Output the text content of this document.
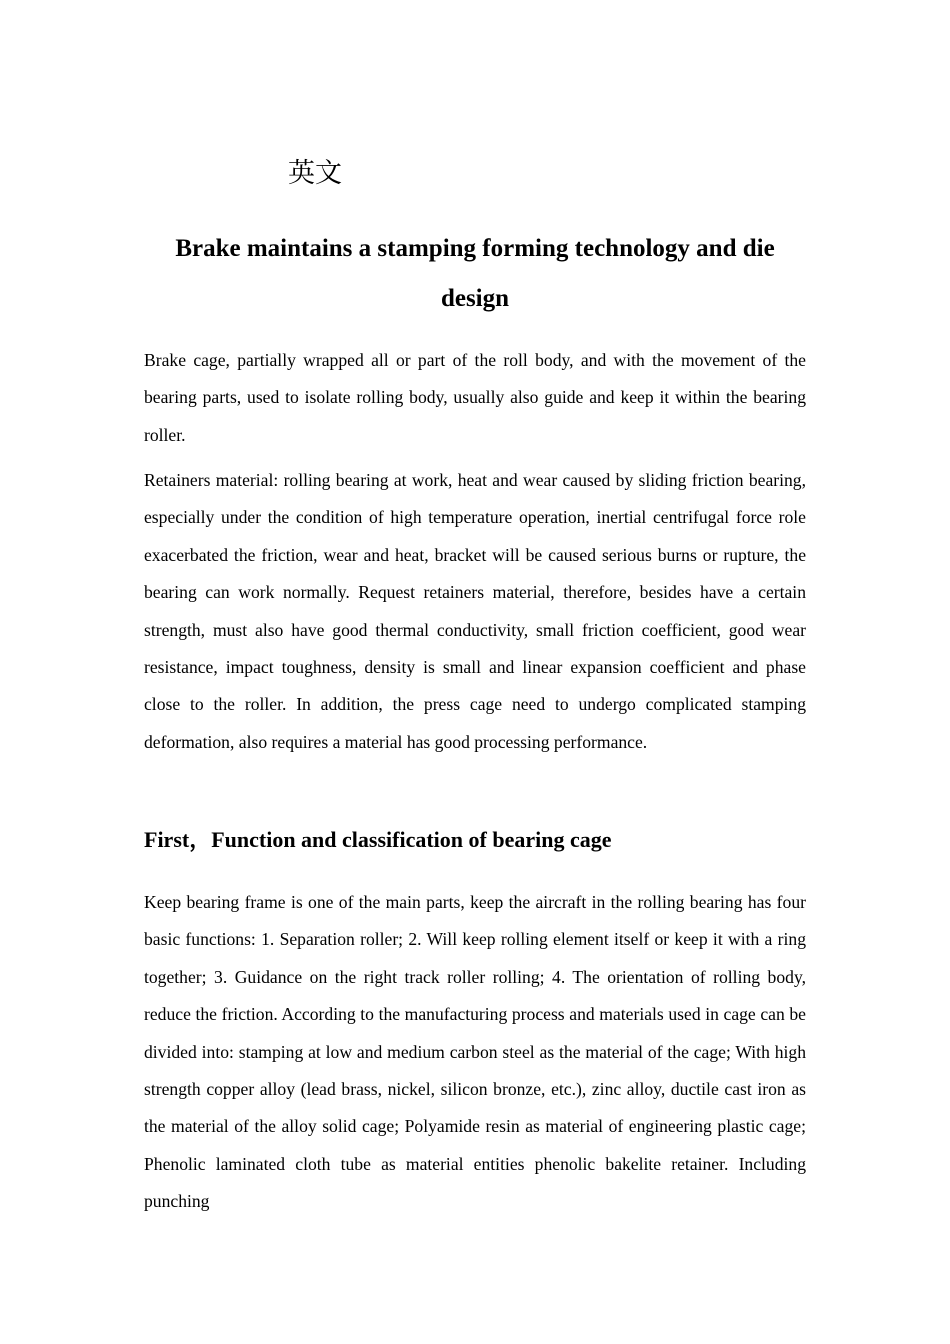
英文

Brake maintains a stamping forming technology and die design

Brake cage, partially wrapped all or part of the roll body, and with the movement of the bearing parts, used to isolate rolling body, usually also guide and keep it within the bearing roller.

Retainers material: rolling bearing at work, heat and wear caused by sliding friction bearing, especially under the condition of high temperature operation, inertial centrifugal force role exacerbated the friction, wear and heat, bracket will be caused serious burns or rupture, the bearing can work normally. Request retainers material, therefore, besides have a certain strength, must also have good thermal conductivity, small friction coefficient, good wear resistance, impact toughness, density is small and linear expansion coefficient and phase close to the roller. In addition, the press cage need to undergo complicated stamping deformation, also requires a material has good processing performance.

First，Function and classification of bearing cage

Keep bearing frame is one of the main parts, keep the aircraft in the rolling bearing has four basic functions: 1. Separation roller; 2. Will keep rolling element itself or keep it with a ring together; 3. Guidance on the right track roller rolling; 4. The orientation of rolling body, reduce the friction. According to the manufacturing process and materials used in cage can be divided into: stamping at low and medium carbon steel as the material of the cage; With high strength copper alloy (lead brass, nickel, silicon bronze, etc.), zinc alloy, ductile cast iron as the material of the alloy solid cage; Polyamide resin as material of engineering plastic cage; Phenolic laminated cloth tube as material entities phenolic bakelite retainer. Including punching
